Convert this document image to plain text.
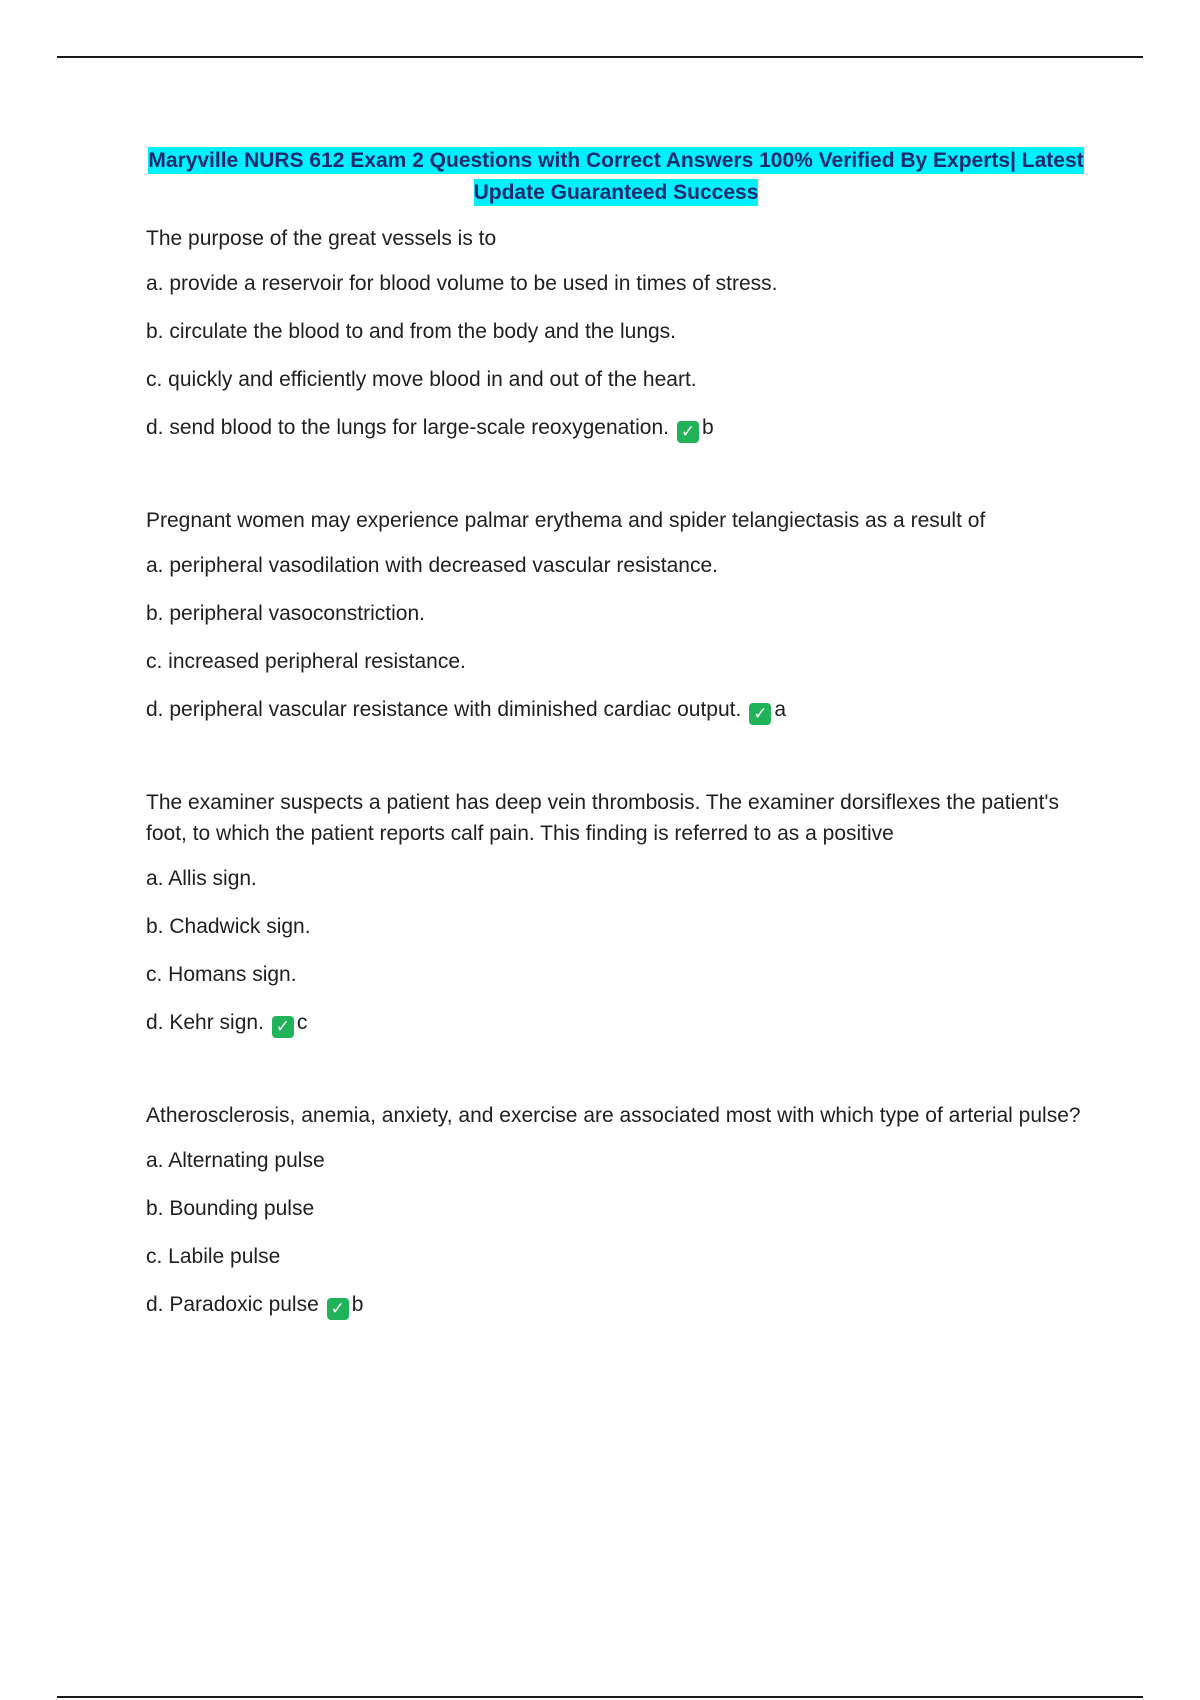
Maryville NURS 612 Exam 2 Questions with Correct Answers 100% Verified By Experts| Latest Update Guaranteed Success

The purpose of the great vessels is to

a. provide a reservoir for blood volume to be used in times of stress.

b. circulate the blood to and from the body and the lungs.

c. quickly and efficiently move blood in and out of the heart.

d. send blood to the lungs for large-scale reoxygenation. ✓ b

Pregnant women may experience palmar erythema and spider telangiectasis as a result of

a. peripheral vasodilation with decreased vascular resistance.

b. peripheral vasoconstriction.

c. increased peripheral resistance.

d. peripheral vascular resistance with diminished cardiac output. ✓ a

The examiner suspects a patient has deep vein thrombosis. The examiner dorsiflexes the patient's foot, to which the patient reports calf pain. This finding is referred to as a positive

a. Allis sign.

b. Chadwick sign.

c. Homans sign.

d. Kehr sign. ✓ c

Atherosclerosis, anemia, anxiety, and exercise are associated most with which type of arterial pulse?

a. Alternating pulse

b. Bounding pulse

c. Labile pulse

d. Paradoxic pulse ✓ b
